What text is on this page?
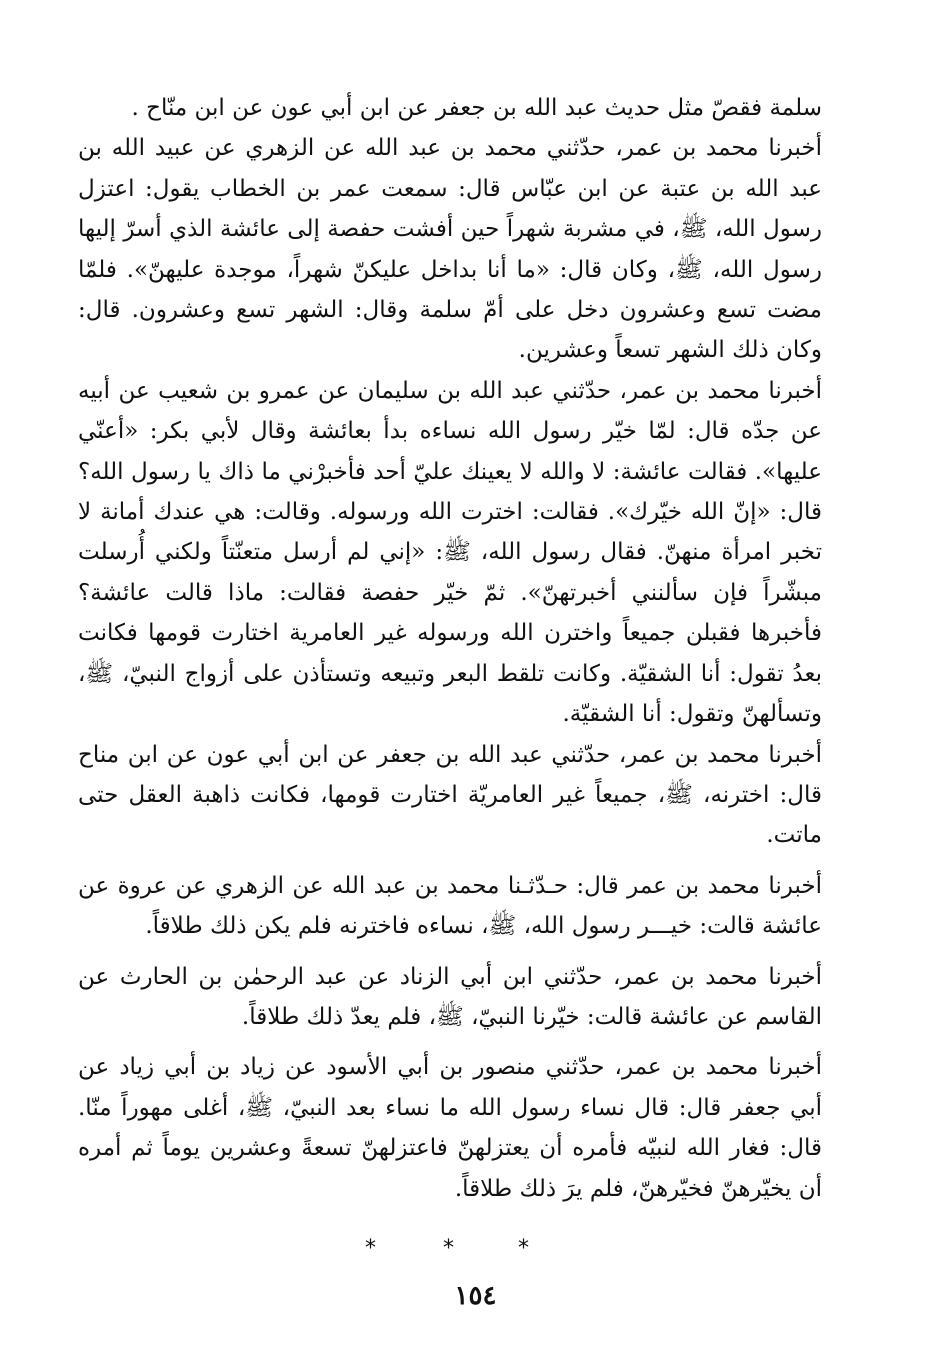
سلمة فقصّ مثل حديث عبد الله بن جعفر عن ابن أبي عون عن ابن منّاح .

أخبرنا محمد بن عمر، حدّثني محمد بن عبد الله عن الزهري عن عبيد الله بن عبد الله بن عتبة عن ابن عبّاس قال: سمعت عمر بن الخطاب يقول: اعتزل رسول الله، ﷺ، في مشربة شهراً حين أفشت حفصة إلى عائشة الذي أسرّ إليها رسول الله، ﷺ، وكان قال: «ما أنا بداخل عليكنّ شهراً، موجدة عليهنّ». فلمّا مضت تسع وعشرون دخل على أمّ سلمة وقال: الشهر تسع وعشرون. قال: وكان ذلك الشهر تسعاً وعشرين.

أخبرنا محمد بن عمر، حدّثني عبد الله بن سليمان عن عمرو بن شعيب عن أبيه عن جدّه قال: لمّا خيّر رسول الله نساءه بدأ بعائشة وقال لأبي بكر: «أعنّي عليها». فقالت عائشة: لا والله لا يعينك عليّ أحد فأخبرْني ما ذاك يا رسول الله؟ قال: «إنّ الله خيّرك». فقالت: اخترت الله ورسوله. وقالت: هي عندك أمانة لا تخبر امرأة منهنّ. فقال رسول الله، ﷺ: «إني لم أرسل متعنّتاً ولكني أُرسلت مبشّراً فإن سألنني أخبرتهنّ». ثمّ خيّر حفصة فقالت: ماذا قالت عائشة؟ فأخبرها فقبلن جميعاً واخترن الله ورسوله غير العامرية اختارت قومها فكانت بعدُ تقول: أنا الشقيّة. وكانت تلقط البعر وتبيعه وتستأذن على أزواج النبيّ، ﷺ، وتسألهنّ وتقول: أنا الشقيّة.

أخبرنا محمد بن عمر، حدّثني عبد الله بن جعفر عن ابن أبي عون عن ابن مناح قال: اخترنه، ﷺ، جميعاً غير العامريّة اختارت قومها، فكانت ذاهبة العقل حتى ماتت.

أخبرنا محمد بن عمر قال: حـدّثـنا محمد بن عبد الله عن الزهري عن عروة عن عائشة قالت: خيـــر رسول الله، ﷺ، نساءه فاخترنه فلم يكن ذلك طلاقاً.

أخبرنا محمد بن عمر، حدّثني ابن أبي الزناد عن عبد الرحمٰن بن الحارث عن القاسم عن عائشة قالت: خيّرنا النبيّ، ﷺ، فلم يعدّ ذلك طلاقاً.

أخبرنا محمد بن عمر، حدّثني منصور بن أبي الأسود عن زياد بن أبي زياد عن أبي جعفر قال: قال نساء رسول الله ما نساء بعد النبيّ، ﷺ، أغلى مهوراً منّا. قال: فغار الله لنبيّه فأمره أن يعتزلهنّ فاعتزلهنّ تسعةً وعشرين يوماً ثم أمره أن يخيّرهنّ فخيّرهنّ، فلم يرَ ذلك طلاقاً.

*	*	*
١٥٤
